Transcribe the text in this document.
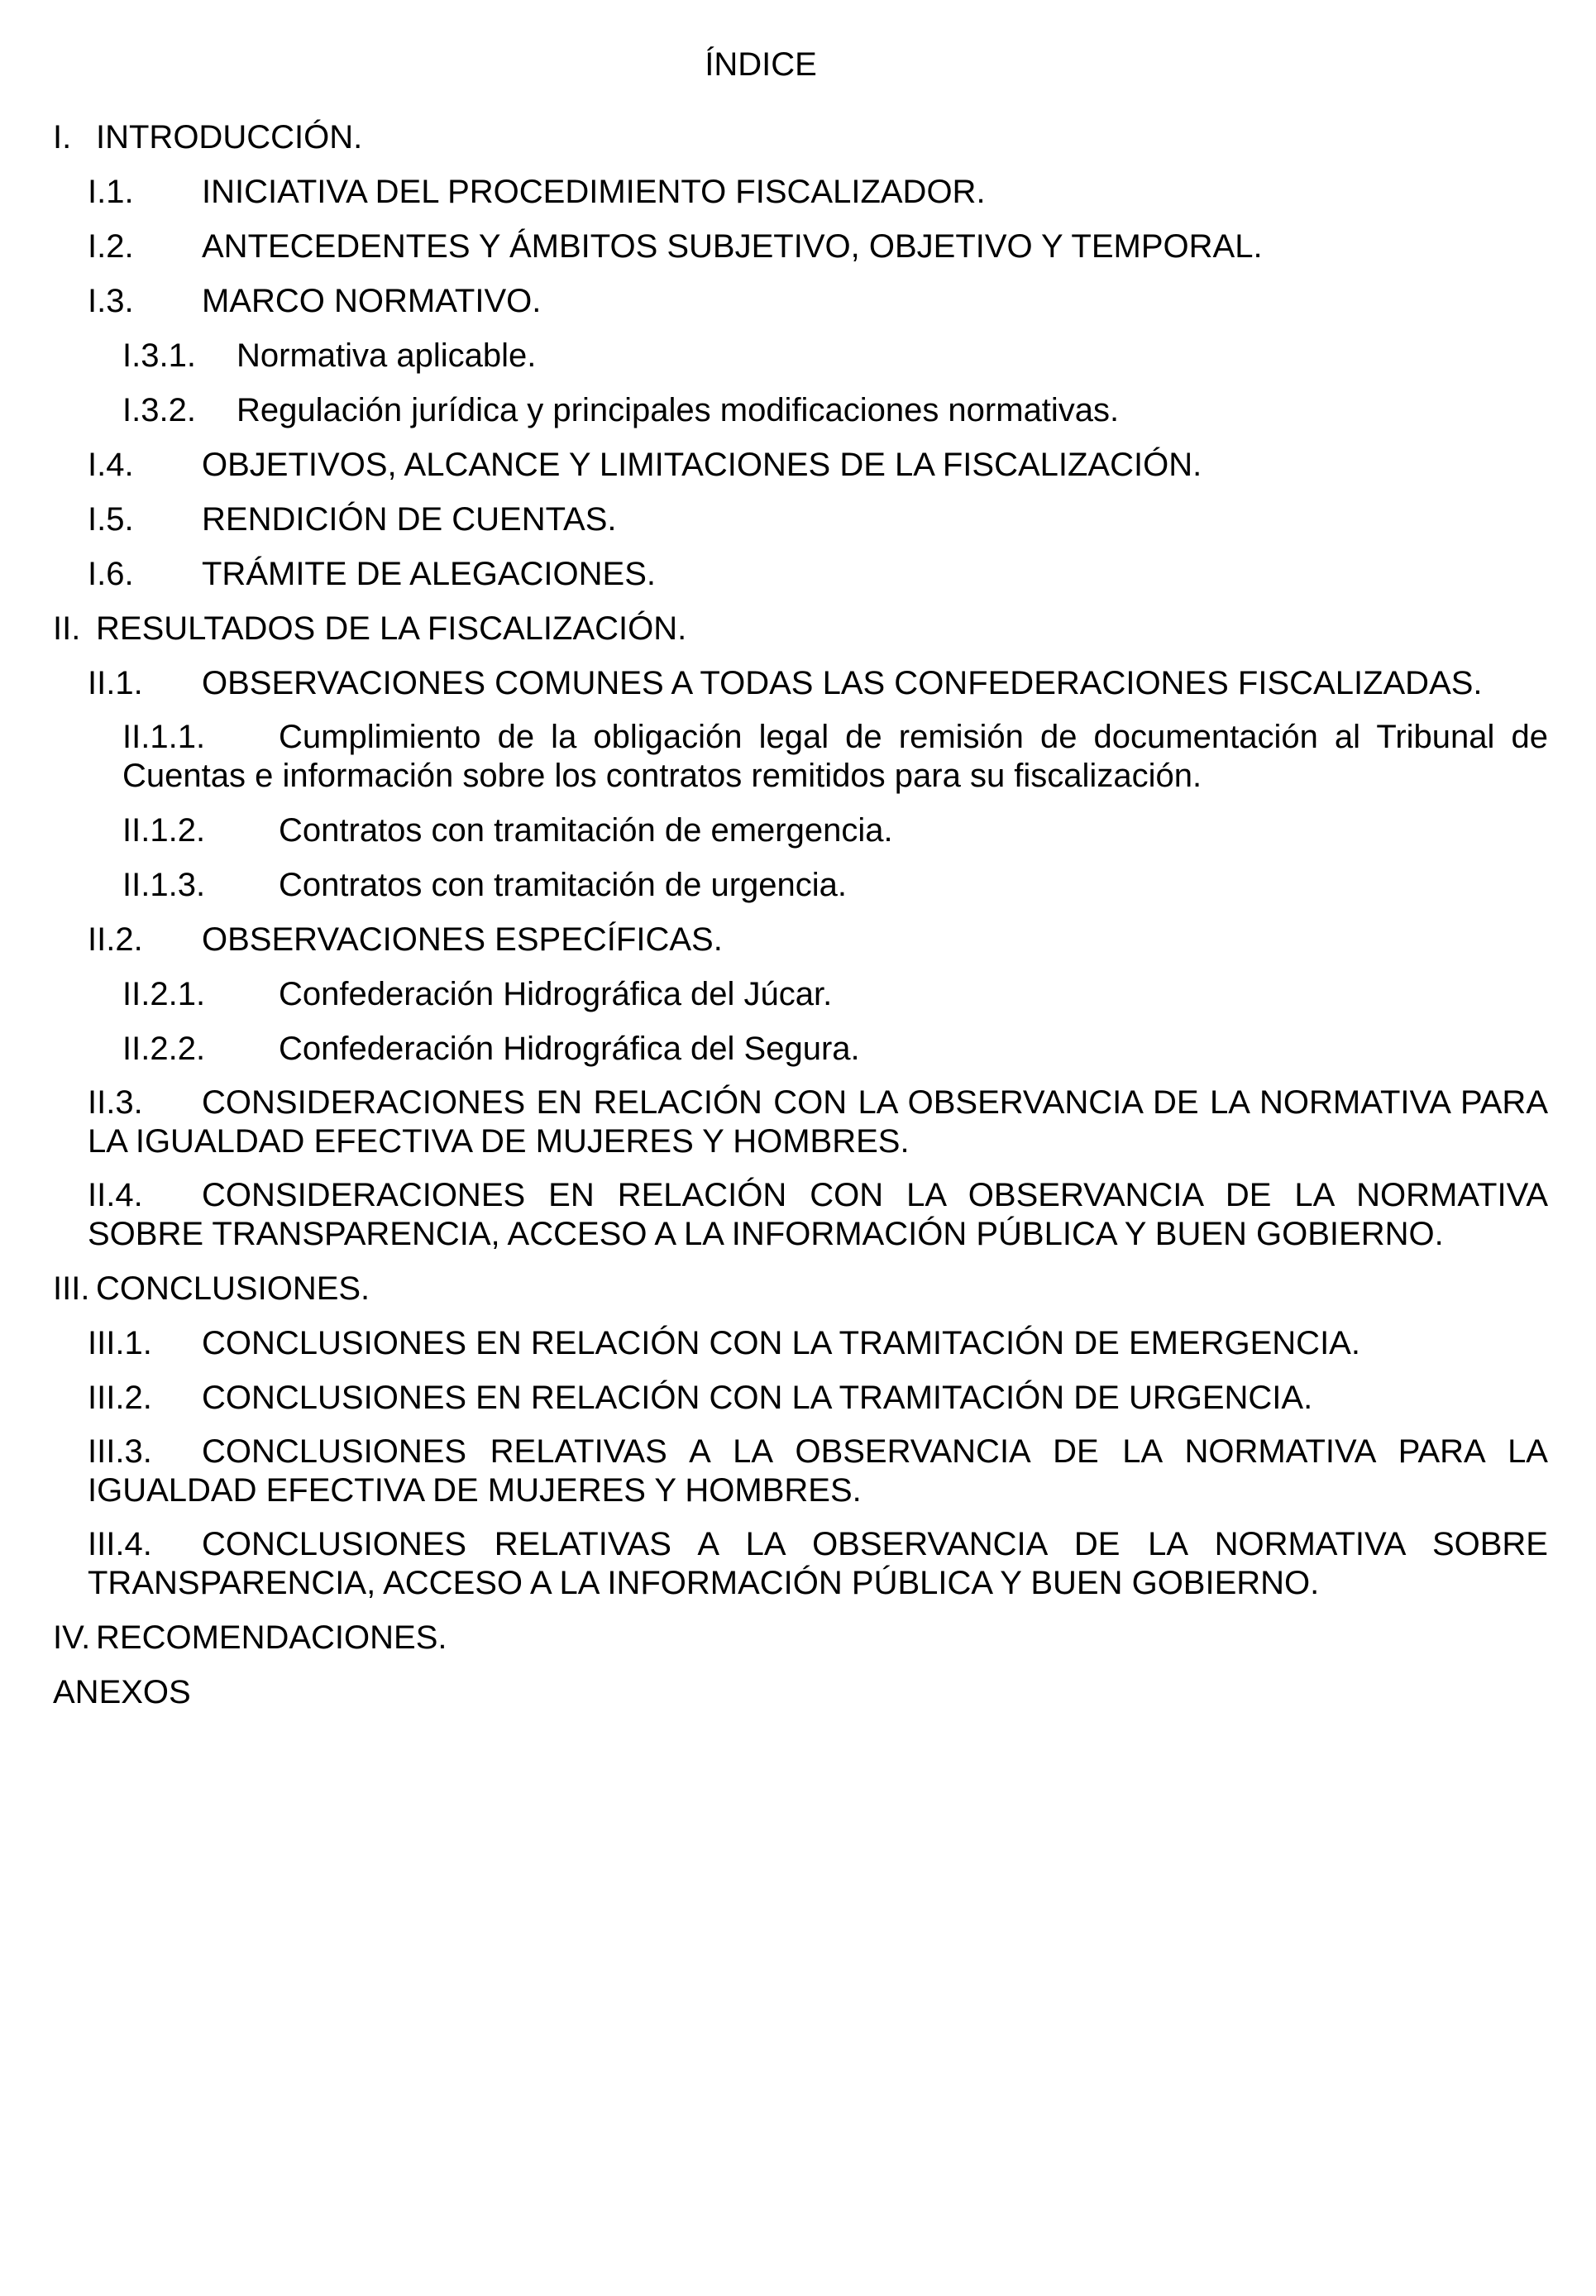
ÍNDICE
I. INTRODUCCIÓN.
I.1. INICIATIVA DEL PROCEDIMIENTO FISCALIZADOR.
I.2. ANTECEDENTES Y ÁMBITOS SUBJETIVO, OBJETIVO Y TEMPORAL.
I.3. MARCO NORMATIVO.
I.3.1. Normativa aplicable.
I.3.2. Regulación jurídica y principales modificaciones normativas.
I.4. OBJETIVOS, ALCANCE Y LIMITACIONES DE LA FISCALIZACIÓN.
I.5. RENDICIÓN DE CUENTAS.
I.6. TRÁMITE DE ALEGACIONES.
II. RESULTADOS DE LA FISCALIZACIÓN.
II.1. OBSERVACIONES COMUNES A TODAS LAS CONFEDERACIONES FISCALIZADAS.
II.1.1. Cumplimiento de la obligación legal de remisión de documentación al Tribunal de Cuentas e información sobre los contratos remitidos para su fiscalización.
II.1.2. Contratos con tramitación de emergencia.
II.1.3. Contratos con tramitación de urgencia.
II.2. OBSERVACIONES ESPECÍFICAS.
II.2.1. Confederación Hidrográfica del Júcar.
II.2.2. Confederación Hidrográfica del Segura.
II.3. CONSIDERACIONES EN RELACIÓN CON LA OBSERVANCIA DE LA NORMATIVA PARA LA IGUALDAD EFECTIVA DE MUJERES Y HOMBRES.
II.4. CONSIDERACIONES EN RELACIÓN CON LA OBSERVANCIA DE LA NORMATIVA SOBRE TRANSPARENCIA, ACCESO A LA INFORMACIÓN PÚBLICA Y BUEN GOBIERNO.
III. CONCLUSIONES.
III.1. CONCLUSIONES EN RELACIÓN CON LA TRAMITACIÓN DE EMERGENCIA.
III.2. CONCLUSIONES EN RELACIÓN CON LA TRAMITACIÓN DE URGENCIA.
III.3. CONCLUSIONES RELATIVAS A LA OBSERVANCIA DE LA NORMATIVA PARA LA IGUALDAD EFECTIVA DE MUJERES Y HOMBRES.
III.4. CONCLUSIONES RELATIVAS A LA OBSERVANCIA DE LA NORMATIVA SOBRE TRANSPARENCIA, ACCESO A LA INFORMACIÓN PÚBLICA Y BUEN GOBIERNO.
IV. RECOMENDACIONES.
ANEXOS
